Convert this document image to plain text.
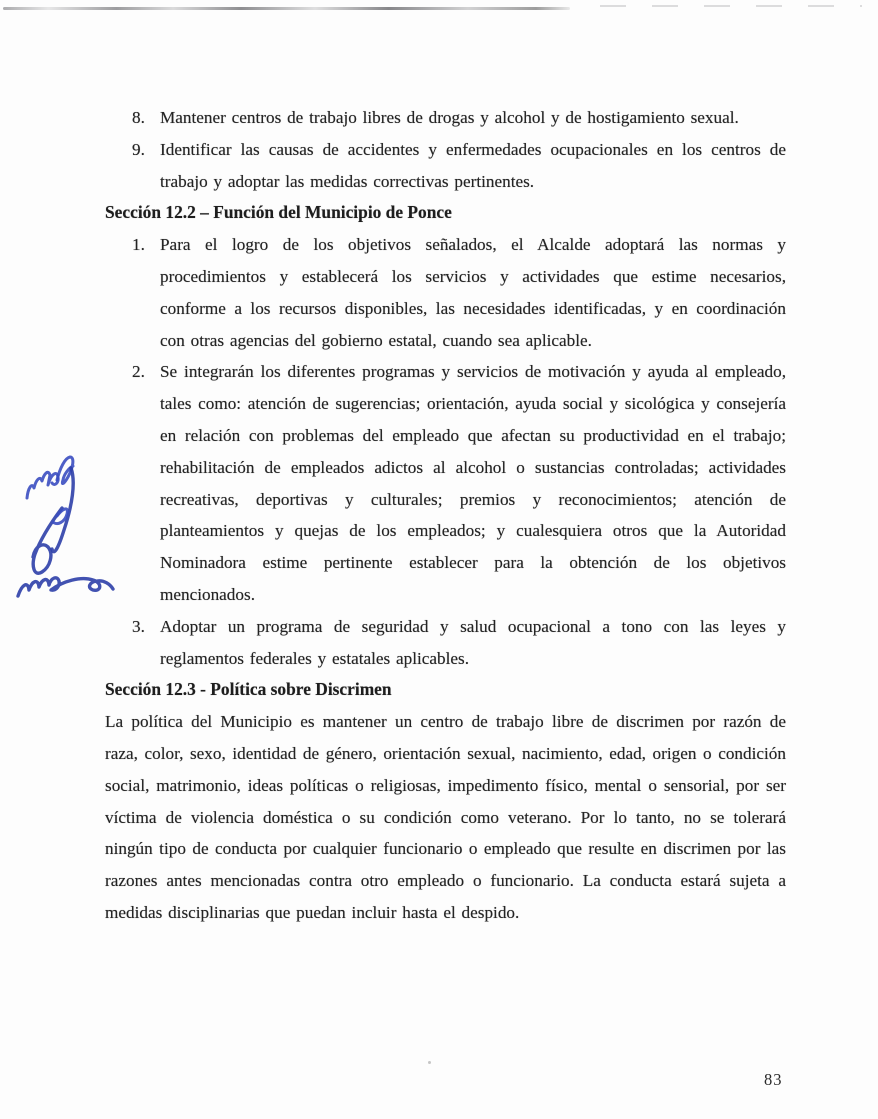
8. Mantener centros de trabajo libres de drogas y alcohol y de hostigamiento sexual.
9. Identificar las causas de accidentes y enfermedades ocupacionales en los centros de trabajo y adoptar las medidas correctivas pertinentes.
Sección 12.2 – Función del Municipio de Ponce
1. Para el logro de los objetivos señalados, el Alcalde adoptará las normas y procedimientos y establecerá los servicios y actividades que estime necesarios, conforme a los recursos disponibles, las necesidades identificadas, y en coordinación con otras agencias del gobierno estatal, cuando sea aplicable.
2. Se integrarán los diferentes programas y servicios de motivación y ayuda al empleado, tales como: atención de sugerencias; orientación, ayuda social y sicológica y consejería en relación con problemas del empleado que afectan su productividad en el trabajo; rehabilitación de empleados adictos al alcohol o sustancias controladas; actividades recreativas, deportivas y culturales; premios y reconocimientos; atención de planteamientos y quejas de los empleados; y cualesquiera otros que la Autoridad Nominadora estime pertinente establecer para la obtención de los objetivos mencionados.
3. Adoptar un programa de seguridad y salud ocupacional a tono con las leyes y reglamentos federales y estatales aplicables.
Sección 12.3 - Política sobre Discrimen

La política del Municipio es mantener un centro de trabajo libre de discrimen por razón de raza, color, sexo, identidad de género, orientación sexual, nacimiento, edad, origen o condición social, matrimonio, ideas políticas o religiosas, impedimento físico, mental o sensorial, por ser víctima de violencia doméstica o su condición como veterano. Por lo tanto, no se tolerará ningún tipo de conducta por cualquier funcionario o empleado que resulte en discrimen por las razones antes mencionadas contra otro empleado o funcionario. La conducta estará sujeta a medidas disciplinarias que puedan incluir hasta el despido.

83
